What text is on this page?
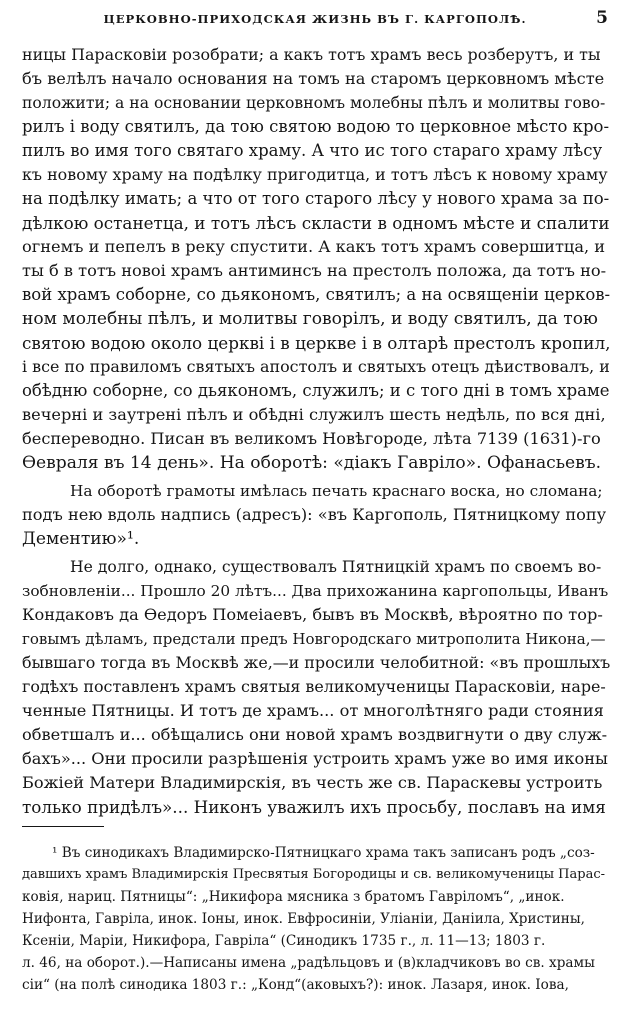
ЦЕРКОВНО-ПРИХОДСКАЯ ЖИЗНЬ ВЪ Г. КАРГОПОЛѢ.	5
ницы Парасковіи розобрати; а какъ тотъ храмъ весь розберутъ, и ты
бъ велѣлъ начало основания на томъ на старомъ церковномъ мѣсте
положити; а на основании церковномъ молебны пѣлъ и молитвы гово-
рилъ і воду святилъ, да тою святою водою то церковное мѣсто кро-
пилъ во имя того святаго храму. А что ис того стараго храму лѣсу
къ новому храму на подѣлку пригодитца, и тотъ лѣсъ к новому храму
на подѣлку имать; а что от того старого лѣсу у нового храма за по-
дѣлкою останетца, и тотъ лѣсъ скласти в одномъ мѣсте и спалити
огнемъ и пепелъ в реку спустити. А какъ тотъ храмъ совершитца, и
ты б в тотъ новоі храмъ антиминсъ на престолъ положа, да тотъ но-
вой храмъ соборне, со дьякономъ, святилъ; а на освященіи церков-
ном молебны пѣлъ, и молитвы говорілъ, и воду святилъ, да тою
святою водою около церкві і в церкве і в олтарѣ престолъ кропил,
і все по правиломъ святыхъ апостолъ и святыхъ отецъ дѣиствовалъ, и
обѣдню соборне, со дьякономъ, служилъ; и с того дні в томъ храме
вечерні и заутрені пѣлъ и обѣдні служилъ шесть недѣль, по вся дні,
беспереводно. Писан въ великомъ Новѣгороде, лѣта 7139 (1631)-го
Ѳевраля въ 14 день». На оборотѣ: «дiакъ Гаврiло». Офанасьевъ.
На оборотѣ грамоты имѣлась печать краснаго воска, но сломана;
подъ нею вдоль надпись (адресъ): «въ Каргополь, Пятницкому попу
Дементию»¹.
Не долго, однако, существовалъ Пятницкій храмъ по своемъ во-
зобновленіи... Прошло 20 лѣтъ... Два прихожанина каргопольцы, Иванъ
Кондаковъ да Ѳедоръ Помеіаевъ, бывъ въ Москвѣ, вѣроятно по тор-
говымъ дѣламъ, предстали предъ Новгородскаго митрополита Никона,—
бывшаго тогда въ Москвѣ же,—и просили челобитной: «въ прошлыхъ
годѣхъ поставленъ храмъ святыя великомученицы Парасковіи, наре-
ченные Пятницы. И тотъ де храмъ... от многолѣтняго ради стояния
обветшалъ и... обѣщались они новой храмъ воздвигнути о дву служ-
бахъ»... Они просили разрѣшенія устроить храмъ уже во имя иконы
Божіей Матери Владимирскія, въ честь же св. Параскевы устроить
только придѣлъ»... Никонъ уважилъ ихъ просьбу, пославъ на имя
¹ Въ синодикахъ Владимирско-Пятницкаго храма такъ записанъ родъ „соз-
давшихъ храмъ Владимирскія Пресвятыя Богородицы и св. великомученицы Парас-
ковія, нариц. Пятницы“: „Никифора мясника з братомъ Гаврiломъ“, „инок.
Нифонта, Гаврiла, инок. Іоны, инок. Евфросиніи, Уліаніи, Даніила, Христины,
Ксеніи, Маріи, Никифора, Гаврiла“ (Синодикъ 1735 г., л. 11—13; 1803 г.
л. 46, на оборот.).—Написаны имена „радѣльцовъ и (в)кладчиковъ во св. храмы
сіи“ (на полѣ синодика 1803 г.: „Конд“(аковыхъ?): инок. Лазаря, инок. Іова,
